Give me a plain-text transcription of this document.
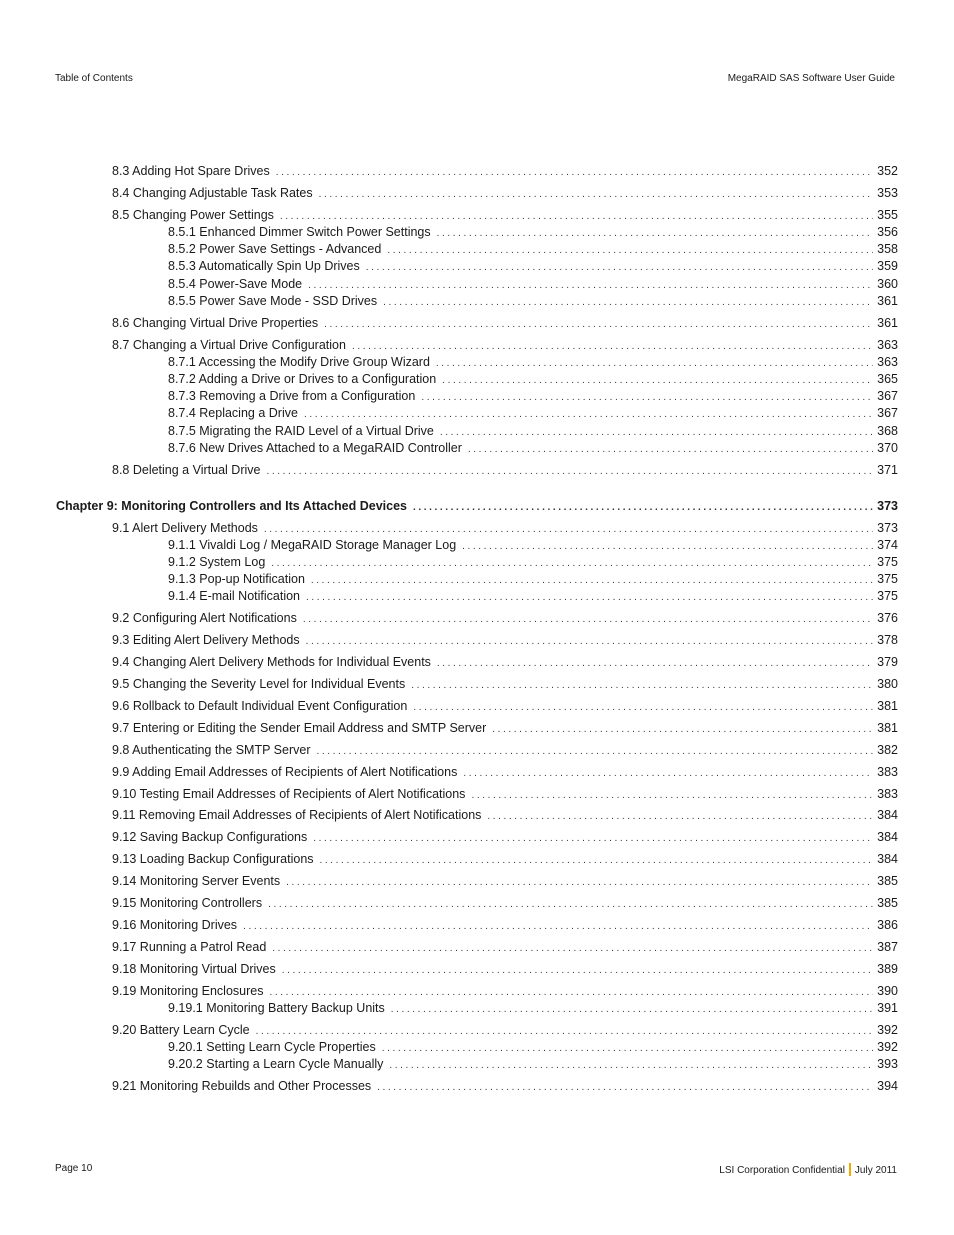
Table of Contents	MegaRAID SAS Software User Guide
8.3 Adding Hot Spare Drives .....	352
8.4 Changing Adjustable Task Rates .....	353
8.5 Changing Power Settings .....	355
8.5.1 Enhanced Dimmer Switch Power Settings .....	356
8.5.2 Power Save Settings - Advanced .....	358
8.5.3 Automatically Spin Up Drives .....	359
8.5.4 Power-Save Mode .....	360
8.5.5 Power Save Mode - SSD Drives .....	361
8.6 Changing Virtual Drive Properties .....	361
8.7 Changing a Virtual Drive Configuration .....	363
8.7.1 Accessing the Modify Drive Group Wizard .....	363
8.7.2 Adding a Drive or Drives to a Configuration .....	365
8.7.3 Removing a Drive from a Configuration .....	367
8.7.4 Replacing a Drive .....	367
8.7.5 Migrating the RAID Level of a Virtual Drive .....	368
8.7.6 New Drives Attached to a MegaRAID Controller .....	370
8.8 Deleting a Virtual Drive .....	371
Chapter 9: Monitoring Controllers and Its Attached Devices .....	373
9.1 Alert Delivery Methods .....	373
9.1.1 Vivaldi Log / MegaRAID Storage Manager Log .....	374
9.1.2 System Log .....	375
9.1.3 Pop-up Notification .....	375
9.1.4 E-mail Notification .....	375
9.2 Configuring Alert Notifications .....	376
9.3 Editing Alert Delivery Methods .....	378
9.4 Changing Alert Delivery Methods for Individual Events .....	379
9.5 Changing the Severity Level for Individual Events .....	380
9.6 Rollback to Default Individual Event Configuration .....	381
9.7 Entering or Editing the Sender Email Address and SMTP Server .....	381
9.8 Authenticating the SMTP Server .....	382
9.9 Adding Email Addresses of Recipients of Alert Notifications .....	383
9.10 Testing Email Addresses of Recipients of Alert Notifications .....	383
9.11 Removing Email Addresses of Recipients of Alert Notifications .....	384
9.12 Saving Backup Configurations .....	384
9.13 Loading Backup Configurations .....	384
9.14 Monitoring Server Events .....	385
9.15 Monitoring Controllers .....	385
9.16 Monitoring Drives .....	386
9.17 Running a Patrol Read .....	387
9.18 Monitoring Virtual Drives .....	389
9.19 Monitoring Enclosures .....	390
9.19.1 Monitoring Battery Backup Units .....	391
9.20 Battery Learn Cycle .....	392
9.20.1 Setting Learn Cycle Properties .....	392
9.20.2 Starting a Learn Cycle Manually .....	393
9.21 Monitoring Rebuilds and Other Processes .....	394
Page 10	LSI Corporation Confidential July 2011
